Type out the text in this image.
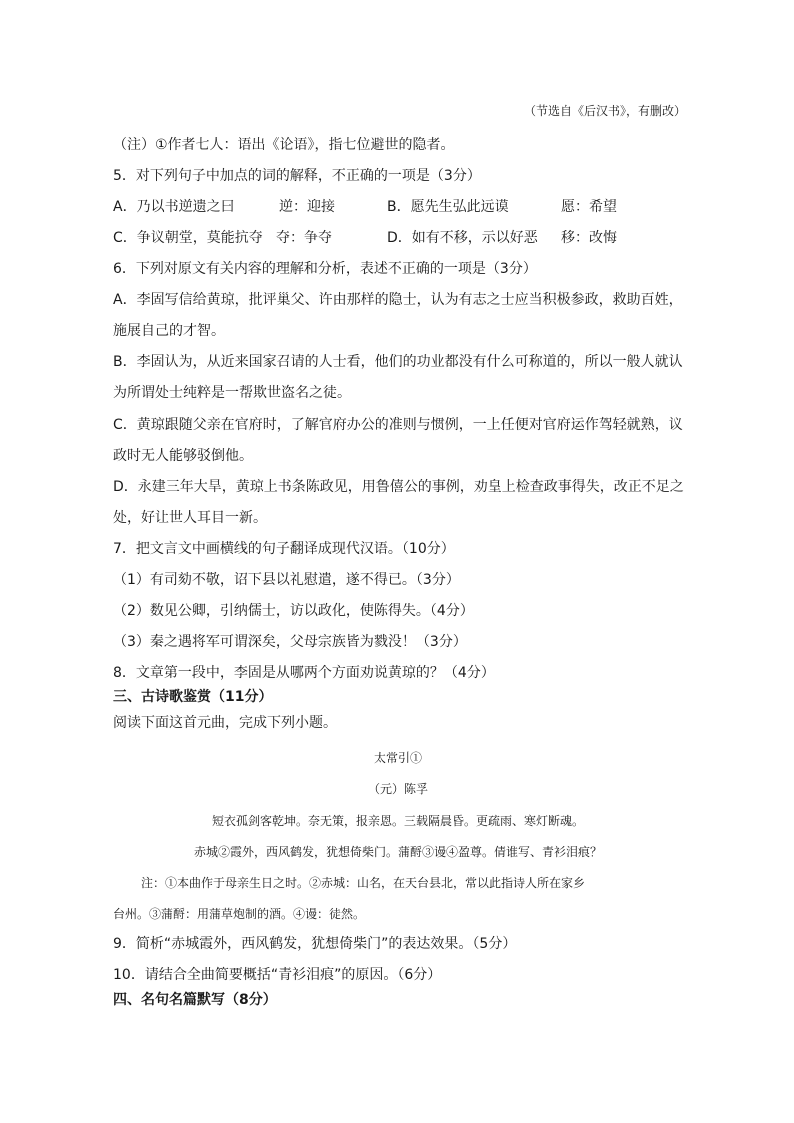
（节选自《后汉书》，有删改）
（注）①作者七人：语出《论语》，指七位避世的隐者。
5．对下列句子中加点的词的解释，不正确的一项是（3分）
A．乃以书逆遗之曰	逆：迎接	B．愿先生弘此远谟	愿：希望
C．争议朝堂，莫能抗夺 夺：争夺	D．如有不移，示以好恶 移：改悔
6．下列对原文有关内容的理解和分析，表述不正确的一项是（3分）
A．李固写信给黄琼，批评巢父、许由那样的隐士，认为有志之士应当积极参政，救助百姓，
施展自己的才智。
B．李固认为，从近来国家召请的人士看，他们的功业都没有什么可称道的，所以一般人就认
为所谓处士纯粹是一帮欺世盗名之徒。
C．黄琼跟随父亲在官府时，了解官府办公的准则与惯例，一上任便对官府运作驾轻就熟，议
政时无人能够驳倒他。
D．永建三年大旱，黄琼上书条陈政见，用鲁僖公的事例，劝皇上检查政事得失，改正不足之
处，好让世人耳目一新。
7．把文言文中画横线的句子翻译成现代汉语。（10分）
（1）有司劾不敬，诏下县以礼慰遣，遂不得已。（3分）
（2）数见公卿，引纳儒士，访以政化，使陈得失。（4分）
（3）秦之遇将军可谓深矣，父母宗族皆为戮没！（3分）
8．文章第一段中，李固是从哪两个方面劝说黄琼的？（4分）
三、古诗歌鉴赏（11分）
阅读下面这首元曲，完成下列小题。
太常引①
（元）陈孚
短衣孤剑客乾坤。奈无策，报亲恩。三载隔晨昏。更疏雨、寒灯断魂。
赤城②霞外，西风鹤发，犹想倚柴门。蒲酹③谩④盈尊。倩谁写、青衫泪痕？
注：①本曲作于母亲生日之时。②赤城：山名，在天台县北，常以此指诗人所在家乡
台州。③蒲酹：用蒲草炮制的酒。④谩：徒然。
9．简析“赤城霞外，西风鹤发，犹想倚柴门”的表达效果。（5分）
10．请结合全曲简要概括“青衫泪痕”的原因。（6分）
四、名句名篇默写（8分）
